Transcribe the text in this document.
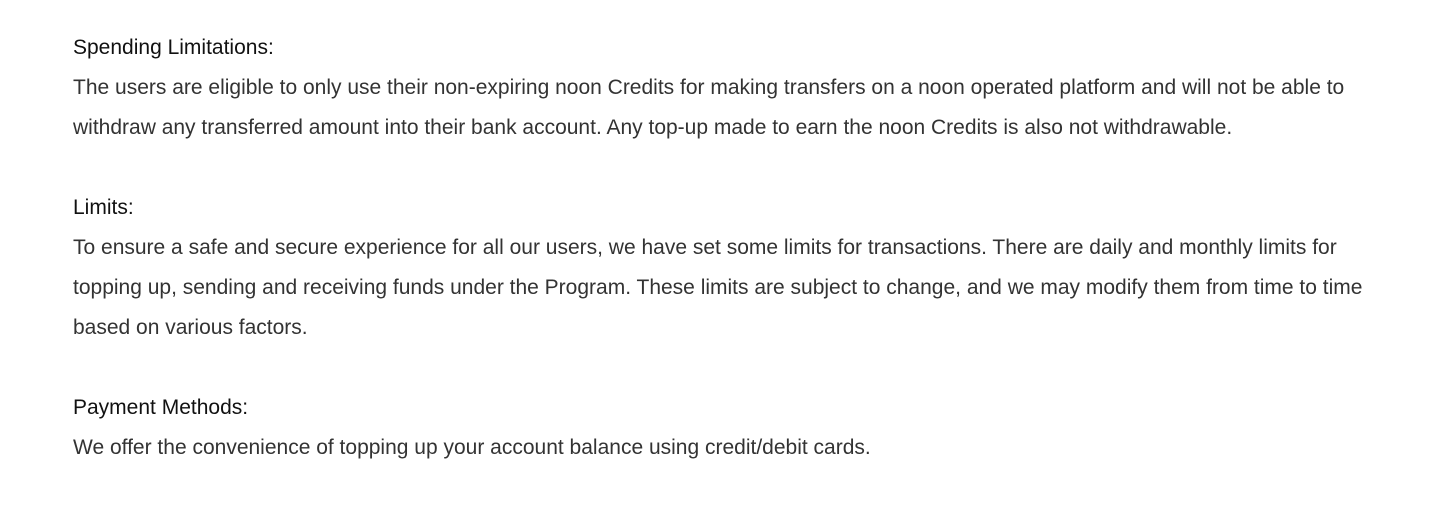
Spending Limitations:

The users are eligible to only use their non-expiring noon Credits for making transfers on a noon operated platform and will not be able to withdraw any transferred amount into their bank account. Any top-up made to earn the noon Credits is also not withdrawable.

Limits:

To ensure a safe and secure experience for all our users, we have set some limits for transactions. There are daily and monthly limits for topping up, sending and receiving funds under the Program. These limits are subject to change, and we may modify them from time to time based on various factors.

Payment Methods:

We offer the convenience of topping up your account balance using credit/debit cards.
